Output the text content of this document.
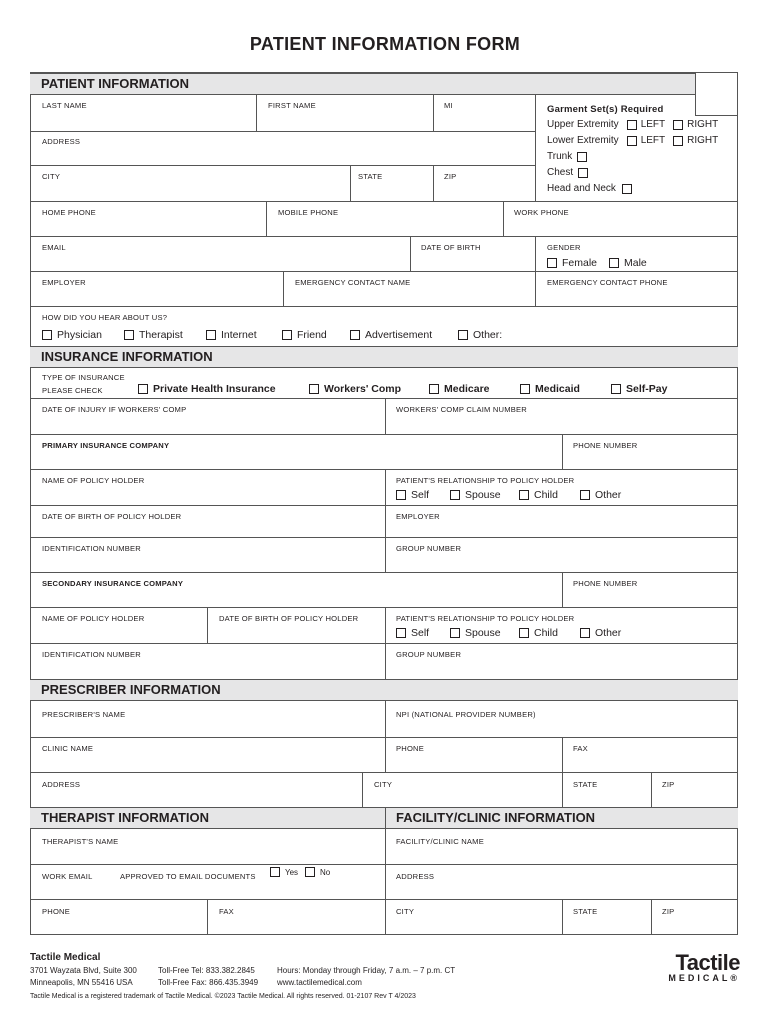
PATIENT INFORMATION FORM
PATIENT INFORMATION
LAST NAME	FIRST NAME	MI
ADDRESS
CITY	STATE	ZIP
HOME PHONE	MOBILE PHONE	WORK PHONE
EMAIL	DATE OF BIRTH	GENDER
Female	Male
EMPLOYER	EMERGENCY CONTACT NAME	EMERGENCY CONTACT PHONE
Garment Set(s) Required
Upper Extremity LEFT RIGHT
Lower Extremity LEFT RIGHT
Trunk
Chest
Head and Neck
HOW DID YOU HEAR ABOUT US?
Physician	Therapist	Internet	Friend	Advertisement	Other:
INSURANCE INFORMATION
TYPE OF INSURANCE
PLEASE CHECK	Private Health Insurance	Workers' Comp	Medicare	Medicaid	Self-Pay
DATE OF INJURY IF WORKERS' COMP	WORKERS' COMP CLAIM NUMBER
PRIMARY INSURANCE COMPANY	PHONE NUMBER
NAME OF POLICY HOLDER	PATIENT'S RELATIONSHIP TO POLICY HOLDER
Self	Spouse	Child	Other
DATE OF BIRTH OF POLICY HOLDER	EMPLOYER
IDENTIFICATION NUMBER	GROUP NUMBER
SECONDARY INSURANCE COMPANY	PHONE NUMBER
NAME OF POLICY HOLDER	DATE OF BIRTH OF POLICY HOLDER	PATIENT'S RELATIONSHIP TO POLICY HOLDER
Self	Spouse	Child	Other
IDENTIFICATION NUMBER	GROUP NUMBER
PRESCRIBER INFORMATION
PRESCRIBER'S NAME	NPI (NATIONAL PROVIDER NUMBER)
CLINIC NAME	PHONE	FAX
ADDRESS	CITY	STATE	ZIP
THERAPIST INFORMATION	FACILITY/CLINIC INFORMATION
THERAPIST'S NAME	FACILITY/CLINIC NAME
WORK EMAIL	APPROVED TO EMAIL DOCUMENTS	Yes	No	ADDRESS
PHONE	FAX	CITY	STATE	ZIP
Tactile Medical
3701 Wayzata Blvd, Suite 300
Minneapolis, MN 55416 USA
Toll-Free Tel: 833.382.2845
Toll-Free Fax: 866.435.3949
Hours: Monday through Friday, 7 a.m. – 7 p.m. CT
www.tactilemedical.com
Tactile Medical is a registered trademark of Tactile Medical. ©2023 Tactile Medical. All rights reserved. 01-2107 Rev T 4/2023
Tactile
MEDICAL®
